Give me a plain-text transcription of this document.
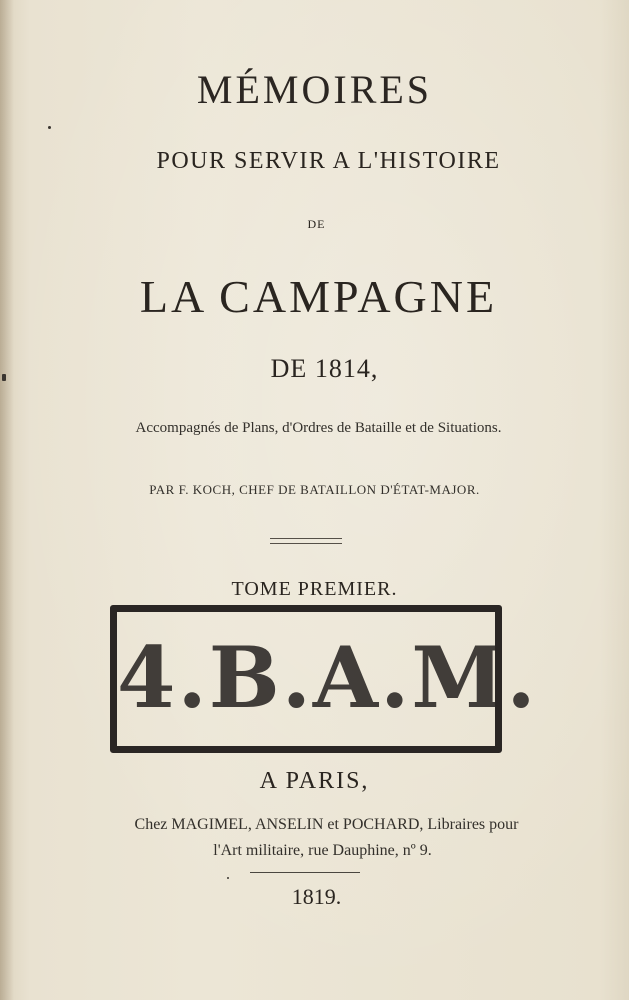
MÉMOIRES
POUR SERVIR A L'HISTOIRE
DE
LA CAMPAGNE
DE 1814,
Accompagnés de Plans, d'Ordres de Bataille et de Situations.
PAR F. KOCH, CHEF DE BATAILLON D'ÉTAT-MAJOR.
TOME PREMIER.
4.B.A.M.
A PARIS,
Chez MAGIMEL, ANSELIN et POCHARD, Libraires pour
l'Art militaire, rue Dauphine, nº 9.
1819.
